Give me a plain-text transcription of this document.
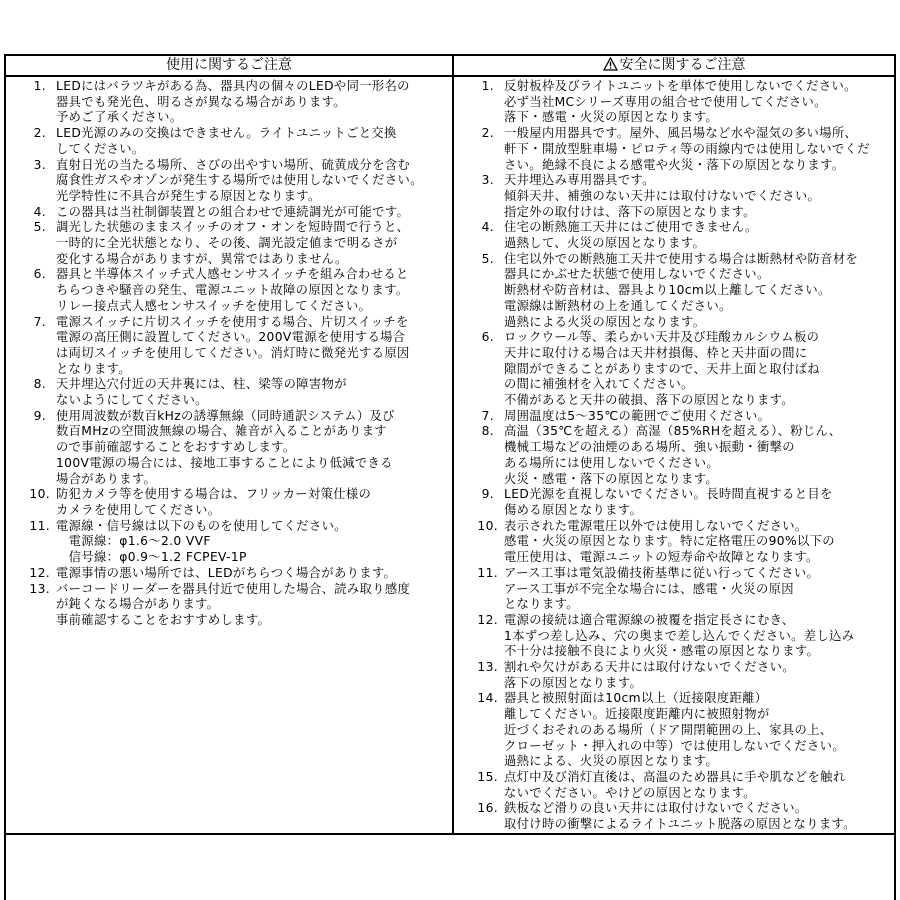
使用に関するご注意	安全に関するご注意
1. LEDにはバラツキがある為、器具内の個々のLEDや同一形名の
器具でも発光色、明るさが異なる場合があります。
予めご了承ください。
2. LED光源のみの交換はできません。ライトユニットごと交換
してください。
3. 直射日光の当たる場所、さびの出やすい場所、硫黄成分を含む
腐食性ガスやオゾンが発生する場所では使用しないでください。
光学特性に不具合が発生する原因となります。
4. この器具は当社制御装置との組合わせで連続調光が可能です。
5. 調光した状態のままスイッチのオフ・オンを短時間で行うと、
一時的に全光状態となり、その後、調光設定値まで明るさが
変化する場合がありますが、異常ではありません。
6. 器具と半導体スイッチ式人感センサスイッチを組み合わせると
ちらつきや騒音の発生、電源ユニット故障の原因となります。
リレー接点式人感センサスイッチを使用してください。
7. 電源スイッチに片切スイッチを使用する場合、片切スイッチを
電源の高圧側に設置してください。200V電源を使用する場合
は両切スイッチを使用してください。消灯時に微発光する原因
となります。
8. 天井埋込穴付近の天井裏には、柱、梁等の障害物が
ないようにしてください。
9. 使用周波数が数百kHzの誘導無線（同時通訳システム）及び
数百MHzの空間波無線の場合、雑音が入ることがあります
ので事前確認することをおすすめします。
100V電源の場合には、接地工事することにより低減できる
場合があります。
10. 防犯カメラ等を使用する場合は、フリッカー対策仕様の
カメラを使用してください。
11. 電源線・信号線は以下のものを使用してください。
　電源線：φ1.6～2.0 VVF
　信号線：φ0.9～1.2 FCPEV-1P
12. 電源事情の悪い場所では、LEDがちらつく場合があります。
13. バーコードリーダーを器具付近で使用した場合、読み取り感度
が鈍くなる場合があります。
事前確認することをおすすめします。
1. 反射板枠及びライトユニットを単体で使用しないでください。
必ず当社MCシリーズ専用の組合せで使用してください。
落下・感電・火災の原因となります。
2. 一般屋内用器具です。屋外、風呂場など水や湿気の多い場所、
軒下・開放型駐車場・ピロティ等の雨線内では使用しないでくだ
さい。絶縁不良による感電や火災・落下の原因となります。
3. 天井埋込み専用器具です。
傾斜天井、補強のない天井には取付けないでください。
指定外の取付けは、落下の原因となります。
4. 住宅の断熱施工天井にはご使用できません。
過熱して、火災の原因となります。
5. 住宅以外での断熱施工天井で使用する場合は断熱材や防音材を
器具にかぶせた状態で使用しないでください。
断熱材や防音材は、器具より10cm以上離してください。
電源線は断熱材の上を通してください。
過熱による火災の原因となります。
6. ロックウール等、柔らかい天井及び珪酸カルシウム板の
天井に取付ける場合は天井材損傷、枠と天井面の間に
隙間ができることがありますので、天井上面と取付ばね
の間に補強材を入れてください。
不備があると天井の破損、落下の原因となります。
7. 周囲温度は5～35℃の範囲でご使用ください。
8. 高温（35℃を超える）高湿（85%RHを超える）、粉じん、
機械工場などの油煙のある場所、強い振動・衝撃の
ある場所には使用しないでください。
火災・感電・落下の原因となります。
9. LED光源を直視しないでください。長時間直視すると目を
傷める原因となります。
10. 表示された電源電圧以外では使用しないでください。
感電・火災の原因となります。特に定格電圧の90%以下の
電圧使用は、電源ユニットの短寿命や故障となります。
11. アース工事は電気設備技術基準に従い行ってください。
アース工事が不完全な場合には、感電・火災の原因
となります。
12. 電源の接続は適合電源線の被覆を指定長さにむき、
1本ずつ差し込み、穴の奥まで差し込んでください。差し込み
不十分は接触不良により火災・感電の原因となります。
13. 割れや欠けがある天井には取付けないでください。
落下の原因となります。
14. 器具と被照射面は10cm以上（近接限度距離）
離してください。近接限度距離内に被照射物が
近づくおそれのある場所（ドア開閉範囲の上、家具の上、
クローゼット・押入れの中等）では使用しないでください。
過熱による、火災の原因となります。
15. 点灯中及び消灯直後は、高温のため器具に手や肌などを触れ
ないでください。やけどの原因となります。
16. 鉄板など滑りの良い天井には取付けないでください。
取付け時の衝撃によるライトユニット脱落の原因となります。
